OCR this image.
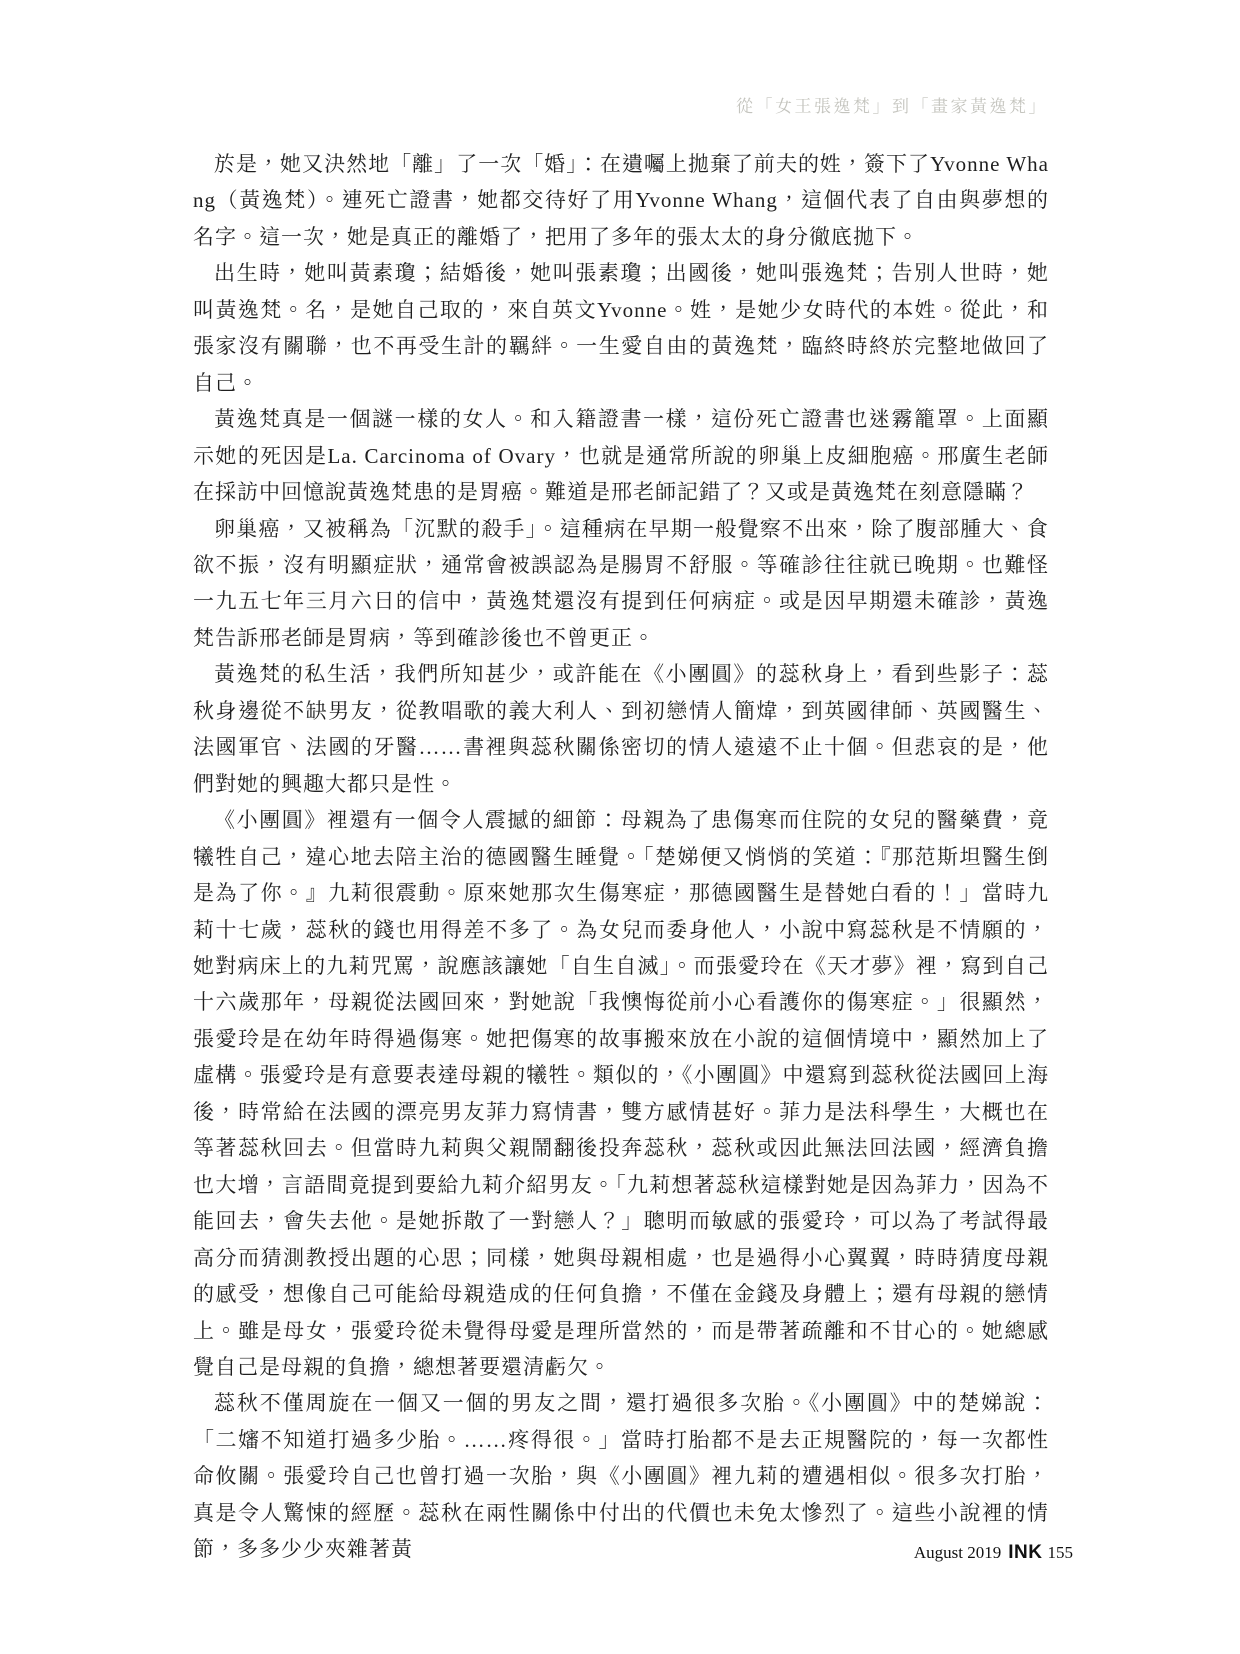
從「女王張逸梵」到「畫家黃逸梵」

於是，她又決然地「離」了一次「婚」：在遺囑上拋棄了前夫的姓，簽下了Yvonne Whang（黃逸梵）。連死亡證書，她都交待好了用Yvonne Whang，這個代表了自由與夢想的名字。這一次，她是真正的離婚了，把用了多年的張太太的身分徹底拋下。

出生時，她叫黃素瓊；結婚後，她叫張素瓊；出國後，她叫張逸梵；告別人世時，她叫黃逸梵。名，是她自己取的，來自英文Yvonne。姓，是她少女時代的本姓。從此，和張家沒有關聯，也不再受生計的羈絆。一生愛自由的黃逸梵，臨終時終於完整地做回了自己。

黃逸梵真是一個謎一樣的女人。和入籍證書一樣，這份死亡證書也迷霧籠罩。上面顯示她的死因是La. Carcinoma of Ovary，也就是通常所說的卵巢上皮細胞癌。邢廣生老師在採訪中回憶說黃逸梵患的是胃癌。難道是邢老師記錯了？又或是黃逸梵在刻意隱瞞？

卵巢癌，又被稱為「沉默的殺手」。這種病在早期一般覺察不出來，除了腹部腫大、食欲不振，沒有明顯症狀，通常會被誤認為是腸胃不舒服。等確診往往就已晚期。也難怪一九五七年三月六日的信中，黃逸梵還沒有提到任何病症。或是因早期還未確診，黃逸梵告訴邢老師是胃病，等到確診後也不曾更正。

黃逸梵的私生活，我們所知甚少，或許能在《小團圓》的蕊秋身上，看到些影子：蕊秋身邊從不缺男友，從教唱歌的義大利人、到初戀情人簡煒，到英國律師、英國醫生、法國軍官、法國的牙醫……書裡與蕊秋關係密切的情人遠遠不止十個。但悲哀的是，他們對她的興趣大都只是性。

《小團圓》裡還有一個令人震撼的細節：母親為了患傷寒而住院的女兒的醫藥費，竟犧牲自己，違心地去陪主治的德國醫生睡覺。「楚娣便又悄悄的笑道：『那范斯坦醫生倒是為了你。』九莉很震動。原來她那次生傷寒症，那德國醫生是替她白看的！」當時九莉十七歲，蕊秋的錢也用得差不多了。為女兒而委身他人，小說中寫蕊秋是不情願的，她對病床上的九莉咒罵，說應該讓她「自生自滅」。而張愛玲在《天才夢》裡，寫到自己十六歲那年，母親從法國回來，對她說「我懊悔從前小心看護你的傷寒症。」很顯然，張愛玲是在幼年時得過傷寒。她把傷寒的故事搬來放在小說的這個情境中，顯然加上了虛構。張愛玲是有意要表達母親的犧牲。類似的，《小團圓》中還寫到蕊秋從法國回上海後，時常給在法國的漂亮男友菲力寫情書，雙方感情甚好。菲力是法科學生，大概也在等著蕊秋回去。但當時九莉與父親鬧翻後投奔蕊秋，蕊秋或因此無法回法國，經濟負擔也大增，言語間竟提到要給九莉介紹男友。「九莉想著蕊秋這樣對她是因為菲力，因為不能回去，會失去他。是她拆散了一對戀人？」聰明而敏感的張愛玲，可以為了考試得最高分而猜測教授出題的心思；同樣，她與母親相處，也是過得小心翼翼，時時猜度母親的感受，想像自己可能給母親造成的任何負擔，不僅在金錢及身體上；還有母親的戀情上。雖是母女，張愛玲從未覺得母愛是理所當然的，而是帶著疏離和不甘心的。她總感覺自己是母親的負擔，總想著要還清虧欠。

蕊秋不僅周旋在一個又一個的男友之間，還打過很多次胎。《小團圓》中的楚娣說：「二嬸不知道打過多少胎。……疼得很。」當時打胎都不是去正規醫院的，每一次都性命攸關。張愛玲自己也曾打過一次胎，與《小團圓》裡九莉的遭遇相似。很多次打胎，真是令人驚悚的經歷。蕊秋在兩性關係中付出的代價也未免太慘烈了。這些小說裡的情節，多多少少夾雜著黃	August 2019 INK 155
